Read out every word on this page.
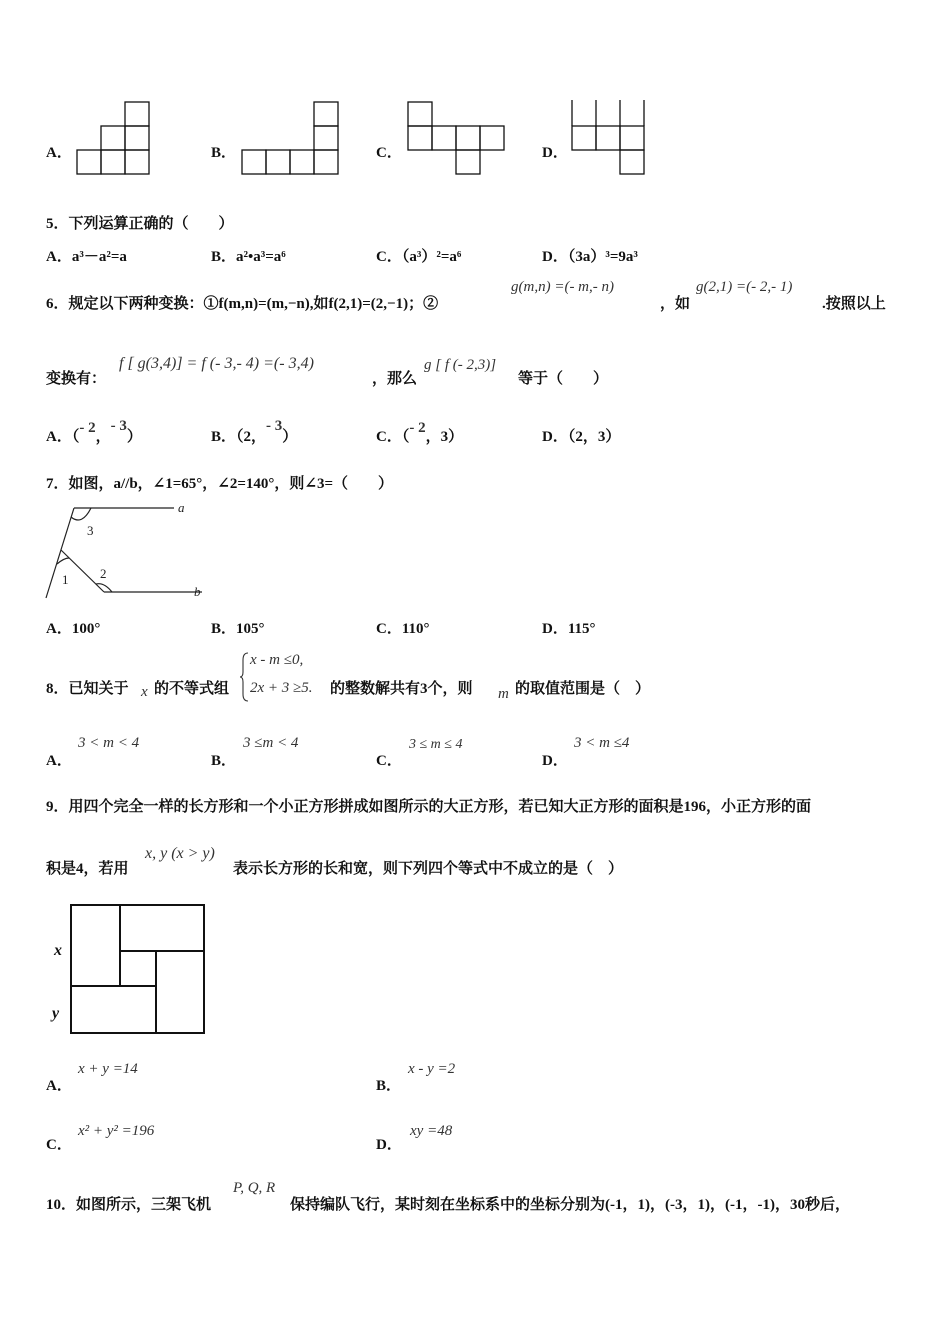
A．	B．	C．	D．
5．下列运算正确的（　　）
A．a³－a²=a	B．a²•a³=a⁶	C．（a³）²=a⁶	D．（3a）³=9a³
6．规定以下两种变换：①f(m,n)=(m,−n),如f(2,1)=(2,−1)；②
g(m,n) =(- m,- n)
，如
g(2,1) =(- 2,- 1)
.按照以上
变换有：
f [ g(3,4)] = f (- 3,- 4) =(- 3,4)
，那么
g [ f (- 2,3)]
等于（　　）
A．（- 2，- 3）	B．（2，- 3）	C．（- 2，3）	D．（2，3）
7．如图，a//b，∠1=65°，∠2=140°，则∠3=（　　）
a
b
3
1 2
A．100°	B．105°	C．110°	D．115°
8．已知关于 x 的不等式组
x - m ≤0,
2x + 3 ≥5. 的整数解共有3个，则 m 的取值范围是（　）
A．
3 < m < 4
B．
3 ≤m < 4
C．
3 ≤ m ≤ 4
D．
3 < m ≤4
9．用四个完全一样的长方形和一个小正方形拼成如图所示的大正方形，若已知大正方形的面积是196，小正方形的面
积是4，若用
x, y (x > y)
表示长方形的长和宽，则下列四个等式中不成立的是（　）
x
y
A．
x + y =14
B．
x - y =2
C．
x² + y² =196
D．
xy =48
10．如图所示，三架飞机
P, Q, R
保持编队飞行，某时刻在坐标系中的坐标分别为(-1，1)，(-3，1)，(-1，-1)，30秒后，
